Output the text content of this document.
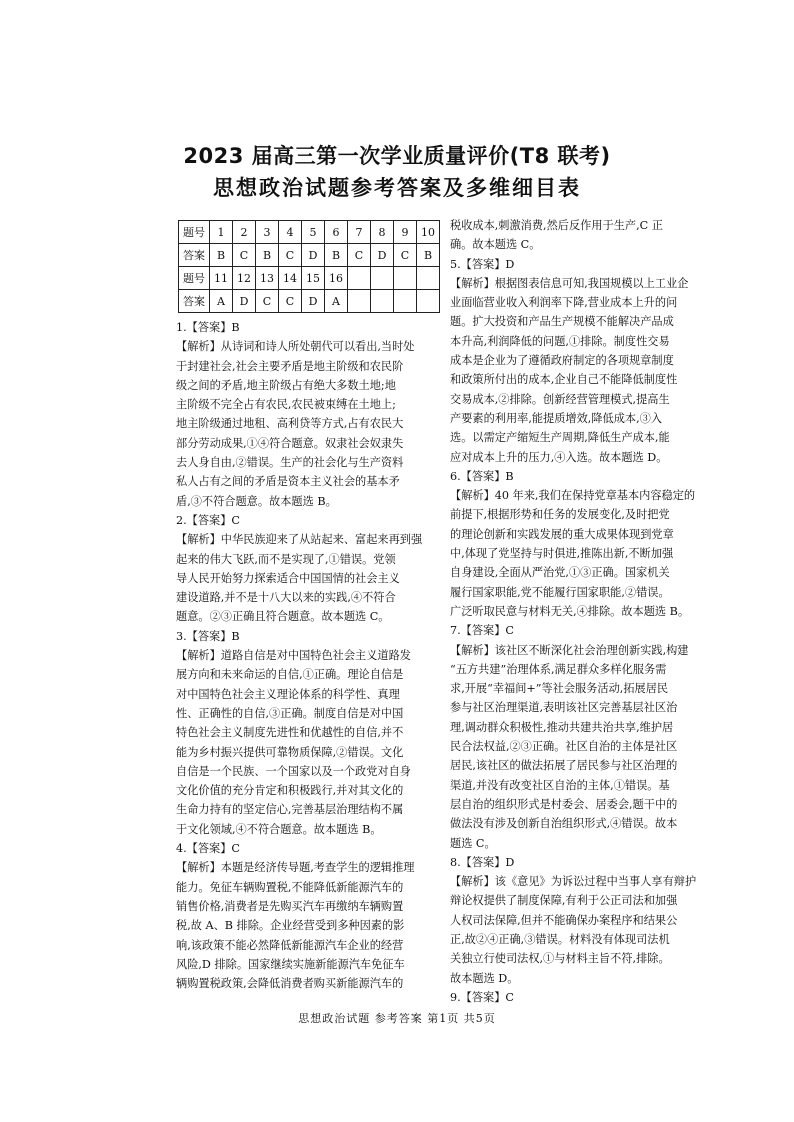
2023 届高三第一次学业质量评价(T8 联考)
思想政治试题参考答案及多维细目表
题号	1	2	3	4	5	6	7	8	9	10
答案	B	C	B	C	D	B	C	D	C	B
题号	11	12	13	14	15	16				
答案	A	D	C	C	D	A				
1.【答案】B
【解析】从诗词和诗人所处朝代可以看出,当时处
于封建社会,社会主要矛盾是地主阶级和农民阶
级之间的矛盾,地主阶级占有绝大多数土地;地
主阶级不完全占有农民,农民被束缚在土地上;
地主阶级通过地租、高利贷等方式,占有农民大
部分劳动成果,①④符合题意。奴隶社会奴隶失
去人身自由,②错误。生产的社会化与生产资料
私人占有之间的矛盾是资本主义社会的基本矛
盾,③不符合题意。故本题选 B。
2.【答案】C
【解析】中华民族迎来了从站起来、富起来再到强
起来的伟大飞跃,而不是实现了,①错误。党领
导人民开始努力探索适合中国国情的社会主义
建设道路,并不是十八大以来的实践,④不符合
题意。②③正确且符合题意。故本题选 C。
3.【答案】B
【解析】道路自信是对中国特色社会主义道路发
展方向和未来命运的自信,①正确。理论自信是
对中国特色社会主义理论体系的科学性、真理
性、正确性的自信,③正确。制度自信是对中国
特色社会主义制度先进性和优越性的自信,并不
能为乡村振兴提供可靠物质保障,②错误。文化
自信是一个民族、一个国家以及一个政党对自身
文化价值的充分肯定和积极践行,并对其文化的
生命力持有的坚定信心,完善基层治理结构不属
于文化领域,④不符合题意。故本题选 B。
4.【答案】C
【解析】本题是经济传导题,考查学生的逻辑推理
能力。免征车辆购置税,不能降低新能源汽车的
销售价格,消费者是先购买汽车再缴纳车辆购置
税,故 A、B 排除。企业经营受到多种因素的影
响,该政策不能必然降低新能源汽车企业的经营
风险,D 排除。国家继续实施新能源汽车免征车
辆购置税政策,会降低消费者购买新能源汽车的
税收成本,刺激消费,然后反作用于生产,C 正
确。故本题选 C。
5.【答案】D
【解析】根据图表信息可知,我国规模以上工业企
业面临营业收入利润率下降,营业成本上升的问
题。扩大投资和产品生产规模不能解决产品成
本升高,利润降低的问题,①排除。制度性交易
成本是企业为了遵循政府制定的各项规章制度
和政策所付出的成本,企业自己不能降低制度性
交易成本,②排除。创新经营管理模式,提高生
产要素的利用率,能提质增效,降低成本,③入
选。以需定产缩短生产周期,降低生产成本,能
应对成本上升的压力,④入选。故本题选 D。
6.【答案】B
【解析】40 年来,我们在保持党章基本内容稳定的
前提下,根据形势和任务的发展变化,及时把党
的理论创新和实践发展的重大成果体现到党章
中,体现了党坚持与时俱进,推陈出新,不断加强
自身建设,全面从严治党,①③正确。国家机关
履行国家职能,党不能履行国家职能,②错误。
广泛听取民意与材料无关,④排除。故本题选 B。
7.【答案】C
【解析】该社区不断深化社会治理创新实践,构建
“五方共建”治理体系,满足群众多样化服务需
求,开展“幸福间+”等社会服务活动,拓展居民
参与社区治理渠道,表明该社区完善基层社区治
理,调动群众积极性,推动共建共治共享,维护居
民合法权益,②③正确。社区自治的主体是社区
居民,该社区的做法拓展了居民参与社区治理的
渠道,并没有改变社区自治的主体,①错误。基
层自治的组织形式是村委会、居委会,题干中的
做法没有涉及创新自治组织形式,④错误。故本
题选 C。
8.【答案】D
【解析】该《意见》为诉讼过程中当事人享有辩护
辩论权提供了制度保障,有利于公正司法和加强
人权司法保障,但并不能确保办案程序和结果公
正,故②④正确,③错误。材料没有体现司法机
关独立行使司法权,①与材料主旨不符,排除。
故本题选 D。
9.【答案】C
思想政治试题 参考答案 第1页 共5页
